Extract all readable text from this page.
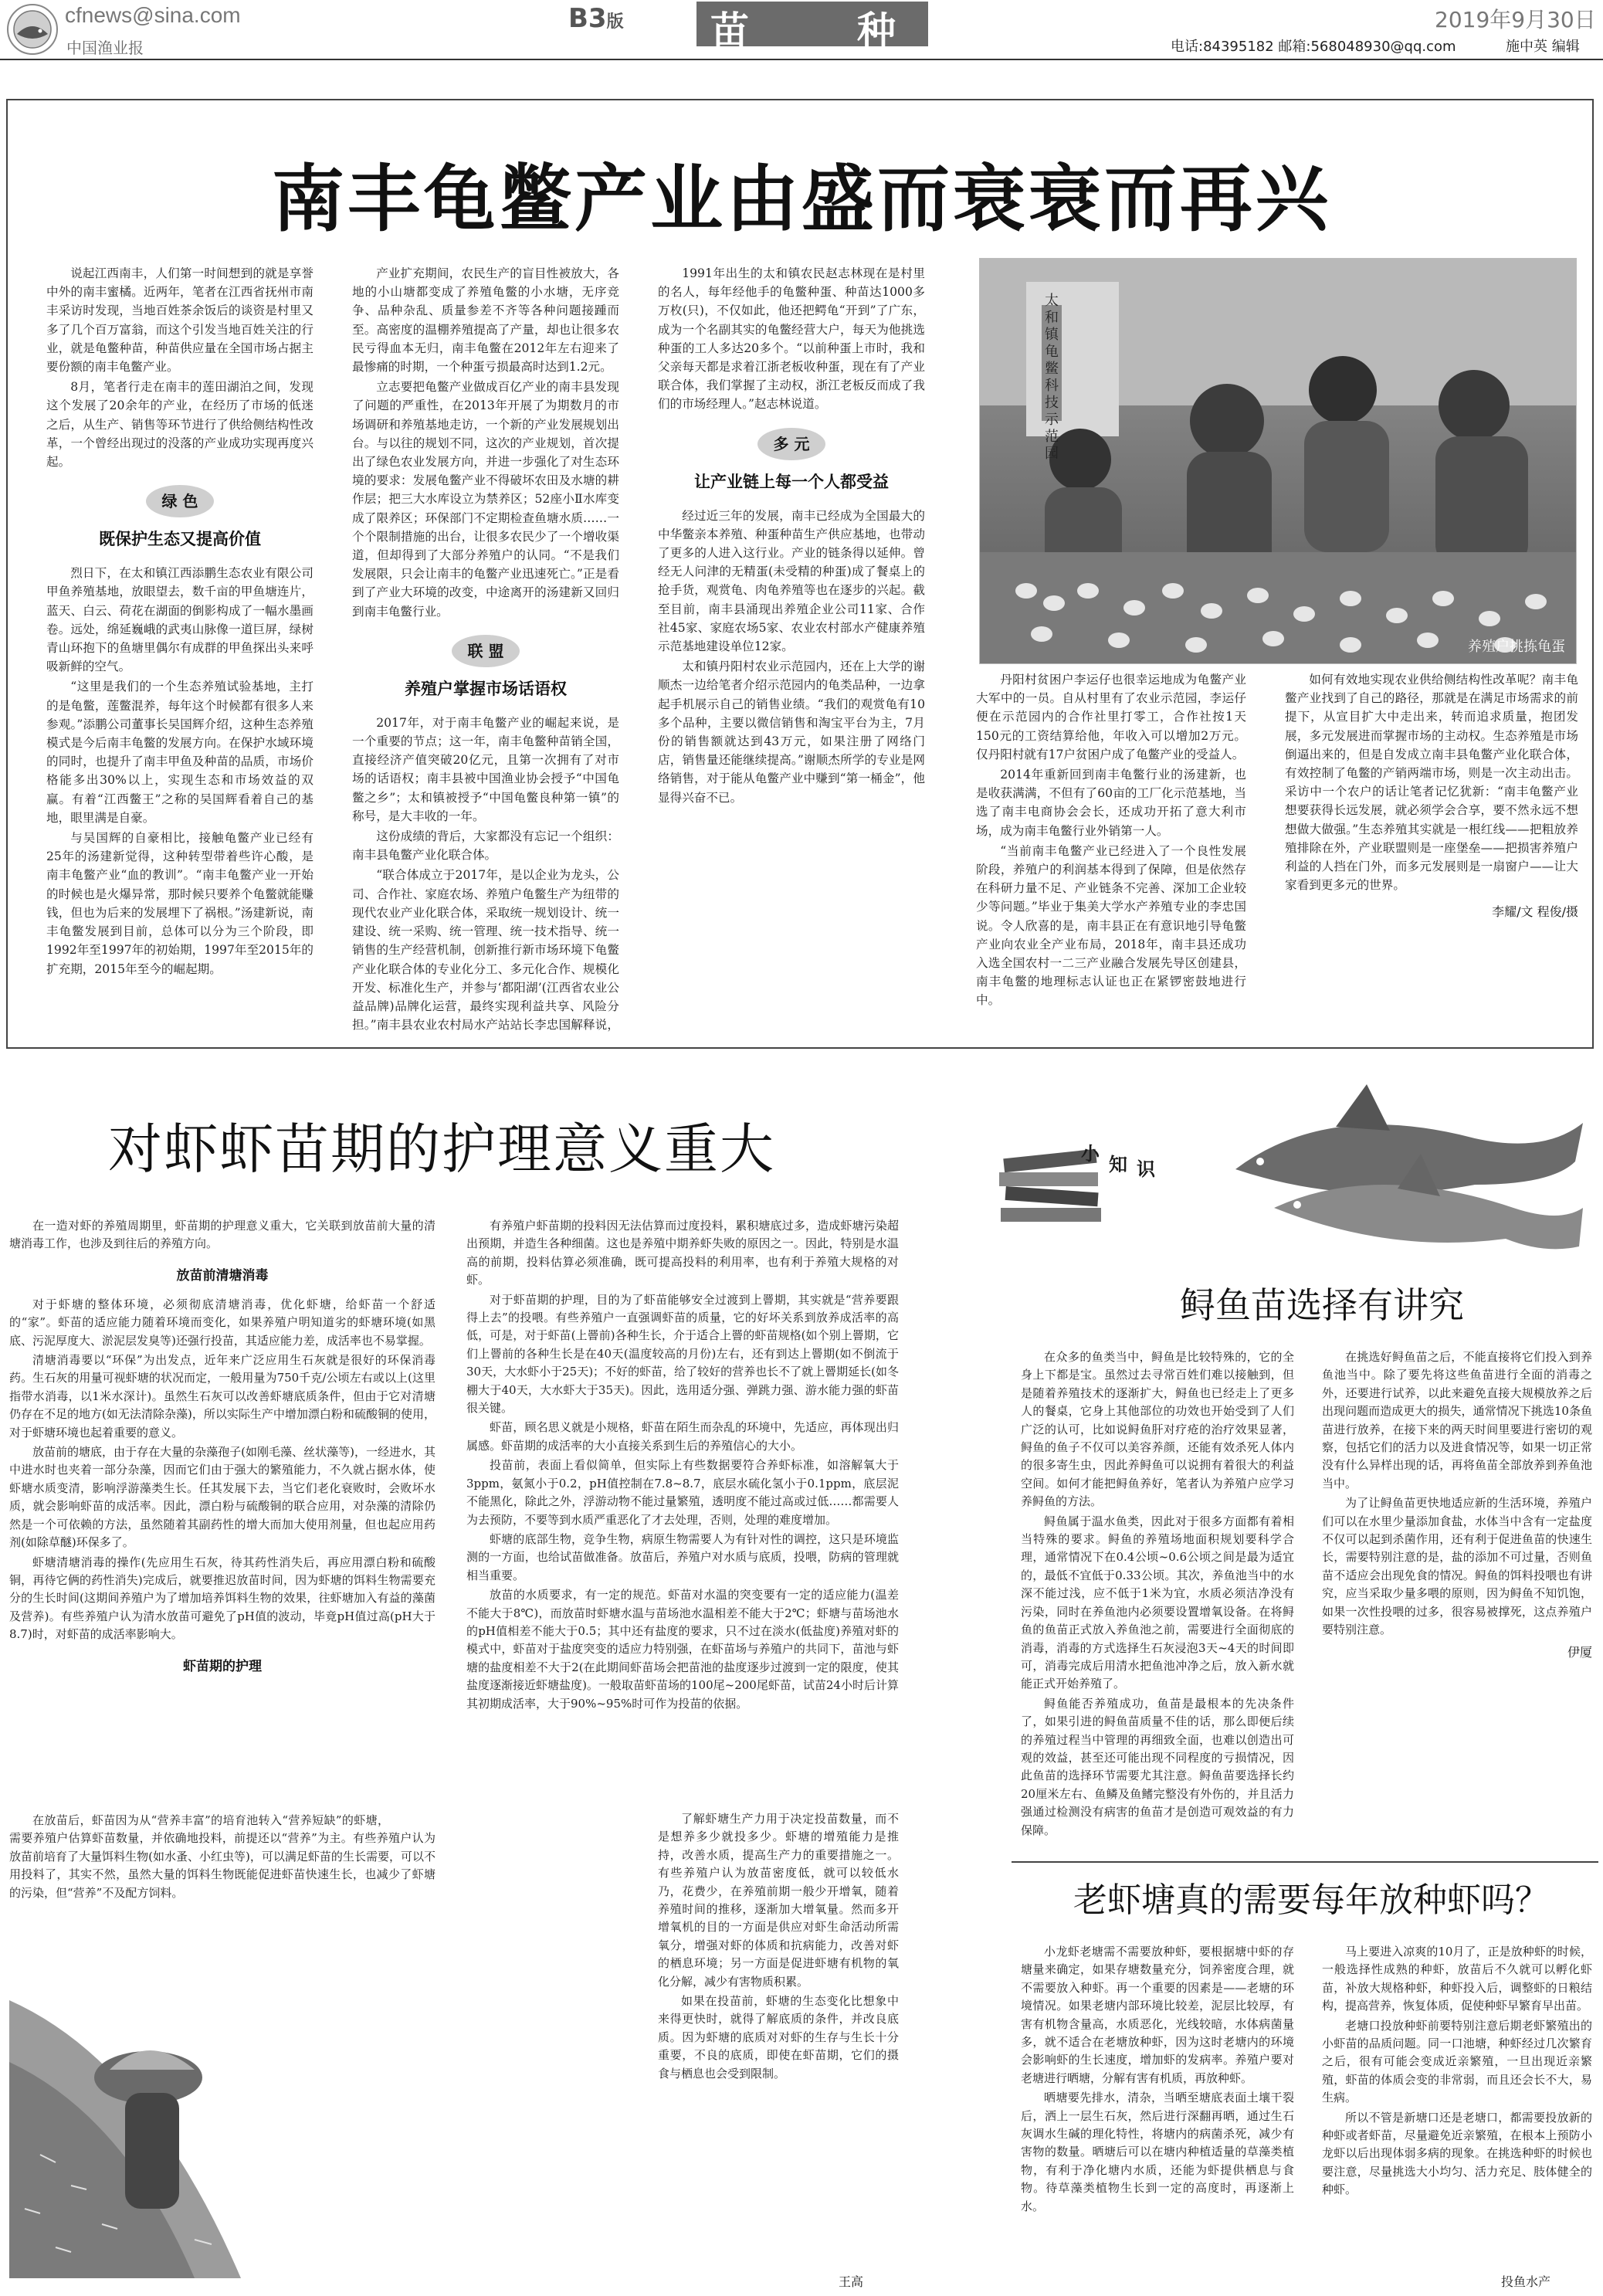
cfnews@sina.com
中国渔业报
B3版 苗	种	2019年9月30日
电话:84395182 邮箱:568048930@qq.com	施中英 编辑
南丰龟鳖产业由盛而衰衰而再兴

说起江西南丰，人们第一时间想到的就是享誉中外的南丰蜜橘。近两年，笔者在江西省抚州市南丰采访时发现，当地百姓茶余饭后的谈资是村里又多了几个百万富翁，而这个引发当地百姓关注的行业，就是龟鳖种苗，种苗供应量在全国市场占据主要份额的南丰龟鳖产业。

8月，笔者行走在南丰的莲田湖泊之间，发现这个发展了20余年的产业，在经历了市场的低迷之后，从生产、销售等环节进行了供给侧结构性改革，一个曾经出现过的没落的产业成功实现再度兴起。

绿 色
既保护生态又提高价值

烈日下，在太和镇江西添鹏生态农业有限公司甲鱼养殖基地，放眼望去，数千亩的甲鱼塘连片，蓝天、白云、荷花在湖面的倒影构成了一幅水墨画卷。远处，绵延巍峨的武夷山脉像一道巨屏，绿树青山环抱下的鱼塘里偶尔有成群的甲鱼探出头来呼吸新鲜的空气。

“这里是我们的一个生态养殖试验基地，主打的是龟鳖，莲鳖混养，每年这个时候都有很多人来参观。”添鹏公司董事长吴国辉介绍，这种生态养殖模式是今后南丰龟鳖的发展方向。在保护水域环境的同时，也提升了南丰甲鱼及种苗的品质，市场价格能多出30%以上，实现生态和市场效益的双赢。有着“江西鳖王”之称的吴国辉看着自己的基地，眼里满是自豪。

与吴国辉的自豪相比，接触龟鳖产业已经有25年的汤建新觉得，这种转型带着些许心酸，是南丰龟鳖产业“血的教训”。“南丰龟鳖产业一开始的时候也是火爆异常，那时候只要养个龟鳖就能赚钱，但也为后来的发展埋下了祸根。”汤建新说，南丰龟鳖发展到目前，总体可以分为三个阶段，即1992年至1997年的初始期，1997年至2015年的扩充期，2015年至今的崛起期。

产业扩充期间，农民生产的盲目性被放大，各地的小山塘都变成了养殖龟鳖的小水塘，无序竞争、品种杂乱、质量参差不齐等各种问题接踵而至。高密度的温棚养殖提高了产量，却也让很多农民亏得血本无归，南丰龟鳖在2012年左右迎来了最惨痛的时期，一个种蛋亏损最高时达到1.2元。

立志要把龟鳖产业做成百亿产业的南丰县发现了问题的严重性，在2013年开展了为期数月的市场调研和养殖基地走访，一个新的产业发展规划出台。与以往的规划不同，这次的产业规划，首次提出了绿色农业发展方向，并进一步强化了对生态环境的要求：发展龟鳖产业不得破坏农田及水塘的耕作层；把三大水库设立为禁养区；52座小Ⅱ水库变成了限养区；环保部门不定期检查鱼塘水质……一个个限制措施的出台，让很多农民少了一个增收渠道，但却得到了大部分养殖户的认同。“不是我们发展限，只会让南丰的龟鳖产业迅速死亡。”正是看到了产业大环境的改变，中途离开的汤建新又回归到南丰龟鳖行业。

联 盟
养殖户掌握市场话语权

2017年，对于南丰龟鳖产业的崛起来说，是一个重要的节点；这一年，南丰龟鳖种苗销全国，直接经济产值突破20亿元，且第一次拥有了对市场的话语权；南丰县被中国渔业协会授予“中国龟鳖之乡”；太和镇被授予“中国龟鳖良种第一镇”的称号，是大丰收的一年。

这份成绩的背后，大家都没有忘记一个组织：南丰县龟鳖产业化联合体。

“联合体成立于2017年，是以企业为龙头，公司、合作社、家庭农场、养殖户龟鳖生产为纽带的现代农业产业化联合体，采取统一规划设计、统一建设、统一采购、统一管理、统一技术指导、统一销售的生产经营机制，创新推行新市场环境下龟鳖产业化联合体的专业化分工、多元化合作、规模化开发、标准化生产，并参与‘都阳湖’(江西省农业公益品牌)品牌化运营，最终实现利益共享、风险分担。”南丰县农业农村局水产站站长李忠国解释说，

1991年出生的太和镇农民赵志林现在是村里的名人，每年经他手的龟鳖种蛋、种苗达1000多万枚(只)，不仅如此，他还把鳄龟“开到”了广东，成为一个名副其实的龟鳖经营大户，每天为他挑选种蛋的工人多达20多个。“以前种蛋上市时，我和父亲每天都是求着江浙老板收种蛋，现在有了产业联合体，我们掌握了主动权，浙江老板反而成了我们的市场经理人。”赵志林说道。

多 元
让产业链上每一个人都受益

经过近三年的发展，南丰已经成为全国最大的中华鳖亲本养殖、种蛋种苗生产供应基地，也带动了更多的人进入这行业。产业的链条得以延伸。曾经无人问津的无精蛋(未受精的种蛋)成了餐桌上的抢手货，观赏龟、肉龟养殖等也在逐步的兴起。截至目前，南丰县涌现出养殖企业公司11家、合作社45家、家庭农场5家、农业农村部水产健康养殖示范基地建设单位12家。

太和镇丹阳村农业示范园内，还在上大学的谢顺杰一边给笔者介绍示范园内的龟类品种，一边拿起手机展示自己的销售业绩。“我们的观赏龟有10多个品种，主要以微信销售和淘宝平台为主，7月份的销售额就达到43万元，如果注册了网络门店，销售量还能继续提高。”谢顺杰所学的专业是网络销售，对于能从龟鳖产业中赚到“第一桶金”，他显得兴奋不已。

太和镇龟鳖科技示范园
养殖户挑拣龟蛋

丹阳村贫困户李运仔也很幸运地成为龟鳖产业大军中的一员。自从村里有了农业示范园，李运仔便在示范园内的合作社里打零工，合作社按1天150元的工资结算给他，年收入可以增加2万元。仅丹阳村就有17户贫困户成了龟鳖产业的受益人。

2014年重新回到南丰龟鳖行业的汤建新，也是收获满满，不但有了60亩的工厂化示范基地，当选了南丰电商协会会长，还成功开拓了意大利市场，成为南丰龟鳖行业外销第一人。

“当前南丰龟鳖产业已经进入了一个良性发展阶段，养殖户的利润基本得到了保障，但是依然存在科研力量不足、产业链条不完善、深加工企业较少等问题。”毕业于集美大学水产养殖专业的李忠国说。令人欣喜的是，南丰县正在有意识地引导龟鳖产业向农业全产业布局，2018年，南丰县还成功入选全国农村一二三产业融合发展先导区创建县，南丰龟鳖的地理标志认证也正在紧锣密鼓地进行中。

如何有效地实现农业供给侧结构性改革呢？南丰龟鳖产业找到了自己的路径，那就是在满足市场需求的前提下，从宣目扩大中走出来，转而追求质量，抱团发展，多元发展进而掌握市场的主动权。生态养殖是市场倒逼出来的，但是自发成立南丰县龟鳖产业化联合体，有效控制了龟鳖的产销两端市场，则是一次主动出击。采访中一个农户的话让笔者记忆犹新：“南丰龟鳖产业想要获得长远发展，就必须学会合享，要不然永远不想想做大做强。”生态养殖其实就是一根红线——把粗放养殖排除在外，产业联盟则是一座堡垒——把损害养殖户利益的人挡在门外，而多元发展则是一扇窗户——让大家看到更多元的世界。

李耀/文 程俊/摄
对虾虾苗期的护理意义重大

在一造对虾的养殖周期里，虾苗期的护理意义重大，它关联到放苗前大量的清塘消毒工作，也涉及到往后的养殖方向。

放苗前清塘消毒

对于虾塘的整体环境，必须彻底清塘消毒，优化虾塘，给虾苗一个舒适的“家”。虾苗的适应能力随着环境而变化，如果养殖户明知道劣的虾塘环境(如黑底、污泥厚度大、淤泥层发臭等)还强行投苗，其适应能力差，成活率也不易掌握。

清塘消毒要以“环保”为出发点，近年来广泛应用生石灰就是很好的环保消毒药。生石灰的用量可视虾塘的状况而定，一般用量为750千克/公顷左右或以上(这里指带水消毒，以1米水深计)。虽然生石灰可以改善虾塘底质条件，但由于它对清塘仍存在不足的地方(如无法清除杂藻)，所以实际生产中增加漂白粉和硫酸铜的使用，对于虾塘环境也起着重要的意义。

放苗前的塘底，由于存在大量的杂藻孢子(如刚毛藻、丝状藻等)，一经进水，其中进水时也夹着一部分杂藻，因而它们由于强大的繁殖能力，不久就占据水体，使虾塘水质变清，影响浮游藻类生长。任其发展下去，当它们老化衰败时，会败坏水质，就会影响虾苗的成活率。因此，漂白粉与硫酸铜的联合应用，对杂藻的清除仍然是一个可依赖的方法，虽然随着其副药性的增大而加大使用剂量，但也起应用药剂(如除草醚)环保多了。

虾塘清塘消毒的操作(先应用生石灰，待其药性消失后，再应用漂白粉和硫酸铜，再待它俩的药性消失)完成后，就要推迟放苗时间，因为虾塘的饵料生物需要充分的生长时间(这期间养殖户为了增加培养饵料生物的效果，往虾塘加入有益的藻菌及营养)。有些养殖户认为清水放苗可避免了pH值的波动，毕竟pH值过高(pH大于8.7)时，对虾苗的成活率影响大。

虾苗期的护理

在放苗后，虾苗因为从“营养丰富”的培育池转入“营养短缺”的虾塘，需要养殖户估算虾苗数量，并依确地投料，前提还以“营养”为主。有些养殖户认为放苗前培育了大量饵料生物(如水蚤、小红虫等)，可以满足虾苗的生长需要，可以不用投料了，其实不然，虽然大量的饵料生物既能促进虾苗快速生长，也减少了虾塘的污染，但“营养”不及配方饲料。

有养殖户虾苗期的投料因无法估算而过度投料，累积塘底过多，造成虾塘污染超出预期，并造生各种细菌。这也是养殖中期养虾失败的原因之一。因此，特别是水温高的前期，投料估算必须准确，既可提高投料的利用率，也有利于养殖大规格的对虾。

对于虾苗期的护理，目的为了虾苗能够安全过渡到上罾期，其实就是“营养要跟得上去”的投喂。有些养殖户一直强调虾苗的质量，它的好坏关系到放养成活率的高低，可是，对于虾苗(上罾前)各种生长，介于适合上罾的虾苗规格(如个别上罾期，它们上罾前的各种生长是在40天(温度较高的月份)左右，还有到达上罾期(如不倒流于30天，大水虾小于25天)；不好的虾苗，给了较好的营养也长不了就上罾期延长(如冬棚大于40天，大水虾大于35天)。因此，选用适分强、弹跳力强、游水能力强的虾苗很关键。

虾苗，顾名思义就是小规格，虾苗在陌生而杂乱的环境中，先适应，再体现出归属感。虾苗期的成活率的大小直接关系到生后的养殖信心的大小。

投苗前，表面上看似简单，但实际上有些数据要符合养虾标准，如溶解氧大于3ppm，氨氮小于0.2，pH值控制在7.8~8.7，底层水硫化氢小于0.1ppm，底层泥不能黑化，除此之外，浮游动物不能过量繁殖，透明度不能过高或过低……都需要人为去预防，不要等到水质严重恶化了才去处理，否则，处理的难度增加。

虾塘的底部生物，竞争生物，病原生物需要人为有针对性的调控，这只是环境监测的一方面，也给试苗做准备。放苗后，养殖户对水质与底质，投喂，防病的管理就相当重要。

放苗的水质要求，有一定的规范。虾苗对水温的突变要有一定的适应能力(温差不能大于8℃)，而放苗时虾塘水温与苗场池水温相差不能大于2℃；虾塘与苗场池水的pH值相差不能大于0.5；其中还有盐度的要求，只不过在淡水(低盐度)养殖对虾的模式中，虾苗对于盐度突变的适应力特别强，在虾苗场与养殖户的共同下，苗池与虾塘的盐度相差不大于2(在此期间虾苗场会把苗池的盐度逐步过渡到一定的限度，使其盐度逐渐接近虾塘盐度)。一般取苗虾苗场的100尾~200尾虾苗，试苗24小时后计算其初期成活率，大于90%~95%时可作为投苗的依据。

了解虾塘生产力用于决定投苗数量，而不是想养多少就投多少。虾塘的增殖能力是推持，改善水质，提高生产力的重要措施之一。有些养殖户认为放苗密度低，就可以较低水乃，花费少，在养殖前期一般少开增氧，随着养殖时间的推移，逐渐加大增氧量。然而多开增氧机的目的一方面是供应对虾生命活动所需氧分，增强对虾的体质和抗病能力，改善对虾的栖息环境；另一方面是促进虾塘有机物的氧化分解，减少有害物质积累。

如果在投苗前，虾塘的生态变化比想象中来得更快时，就得了解底质的条件，并改良底质。因为虾塘的底质对对虾的生存与生长十分重要，不良的底质，即使在虾苗期，它们的摄食与栖息也会受到限制。

王高
小 知 识
鲟鱼苗选择有讲究

在众多的鱼类当中，鲟鱼是比较特殊的，它的全身上下都是宝。虽然过去寻常百姓们难以接触到，但是随着养殖技术的逐渐扩大，鲟鱼也已经走上了更多人的餐桌，它身上其他部位的功效也开始受到了人们广泛的认可，比如说鲟鱼肝对疗疮的治疗效果显著，鲟鱼的鱼子不仅可以美容养颜，还能有效杀死人体内的很多寄生虫，因此养鲟鱼可以说拥有着很大的利益空间。如何才能把鲟鱼养好，笔者认为养殖户应学习养鲟鱼的方法。

鲟鱼属于温水鱼类，因此对于很多方面都有着相当特殊的要求。鲟鱼的养殖场地面积规划要科学合理，通常情况下在0.4公顷~0.6公顷之间是最为适宜的，最低不宜低于0.33公顷。其次，养鱼池当中的水深不能过浅，应不低于1米为宜，水质必须洁净没有污染，同时在养鱼池内必须要设置增氧设备。在将鲟鱼的鱼苗正式放入养鱼池之前，需要进行全面彻底的消毒，消毒的方式选择生石灰浸泡3天~4天的时间即可，消毒完成后用清水把鱼池冲净之后，放入新水就能正式开始养殖了。

鲟鱼能否养殖成功，鱼苗是最根本的先决条件了，如果引进的鲟鱼苗质量不佳的话，那么即便后续的养殖过程当中管理的再细致全面，也难以创造出可观的效益，甚至还可能出现不同程度的亏损情况，因此鱼苗的选择环节需要尤其注意。鲟鱼苗要选择长约20厘米左右、鱼鳞及鱼鳍完整没有外伤的，并且活力强通过检测没有病害的鱼苗才是创造可观效益的有力保障。

在挑选好鲟鱼苗之后，不能直接将它们投入到养鱼池当中。除了要先将这些鱼苗进行全面的消毒之外，还要进行试养，以此来避免直接大规模放养之后出现问题而造成更大的损失，通常情况下挑选10条鱼苗进行放养，在接下来的两天时间里要进行密切的观察，包括它们的活力以及进食情况等，如果一切正常没有什么异样出现的话，再将鱼苗全部放养到养鱼池当中。

为了让鲟鱼苗更快地适应新的生活环境，养殖户们可以在水里少量添加食盐，水体当中含有一定盐度不仅可以起到杀菌作用，还有利于促进鱼苗的快速生长，需要特别注意的是，盐的添加不可过量，否则鱼苗不适应会出现免食的情况。鲟鱼的饵料投喂也有讲究，应当采取少量多喂的原则，因为鲟鱼不知饥饱，如果一次性投喂的过多，很容易被撑死，这点养殖户要特别注意。

伊厦
老虾塘真的需要每年放种虾吗？

小龙虾老塘需不需要放种虾，要根据塘中虾的存塘量来确定，如果存塘数量充分，饲养密度合理，就不需要放入种虾。再一个重要的因素是——老塘的环境情况。如果老塘内部环境比较差，泥层比较厚，有害有机物含量高，水质恶化，光线较暗，水体病菌量多，就不适合在老塘放种虾，因为这时老塘内的环境会影响虾的生长速度，增加虾的发病率。养殖户要对老塘进行晒塘，分解有害有机质，再放种虾。

晒塘要先排水，清杂，当晒至塘底表面土壤干裂后，洒上一层生石灰，然后进行深翻再晒，通过生石灰调水生碱的理化特性，将塘内的病菌杀死，减少有害物的数量。晒塘后可以在塘内种植适量的草藻类植物，有利于净化塘内水质，还能为虾提供栖息与食物。待草藻类植物生长到一定的高度时，再逐渐上水。

马上要进入凉爽的10月了，正是放种虾的时候，一般选择性成熟的种虾，放苗后不久就可以孵化虾苗，补放大规格种虾，种虾投入后，调整虾的日粮结构，提高营养，恢复体质，促使种虾早繁育早出苗。

老塘口投放种虾前要特别注意后期老虾繁殖出的小虾苗的品质问题。同一口池塘，种虾经过几次繁育之后，很有可能会变成近亲繁殖，一旦出现近亲繁殖，虾苗的体质会变的非常弱，而且还会长不大，易生病。

所以不管是新塘口还是老塘口，都需要投放新的种虾或者虾苗，尽量避免近亲繁殖，在根本上预防小龙虾以后出现体弱多病的现象。在挑选种虾的时候也要注意，尽量挑选大小均匀、活力充足、肢体健全的种虾。

投鱼水产
